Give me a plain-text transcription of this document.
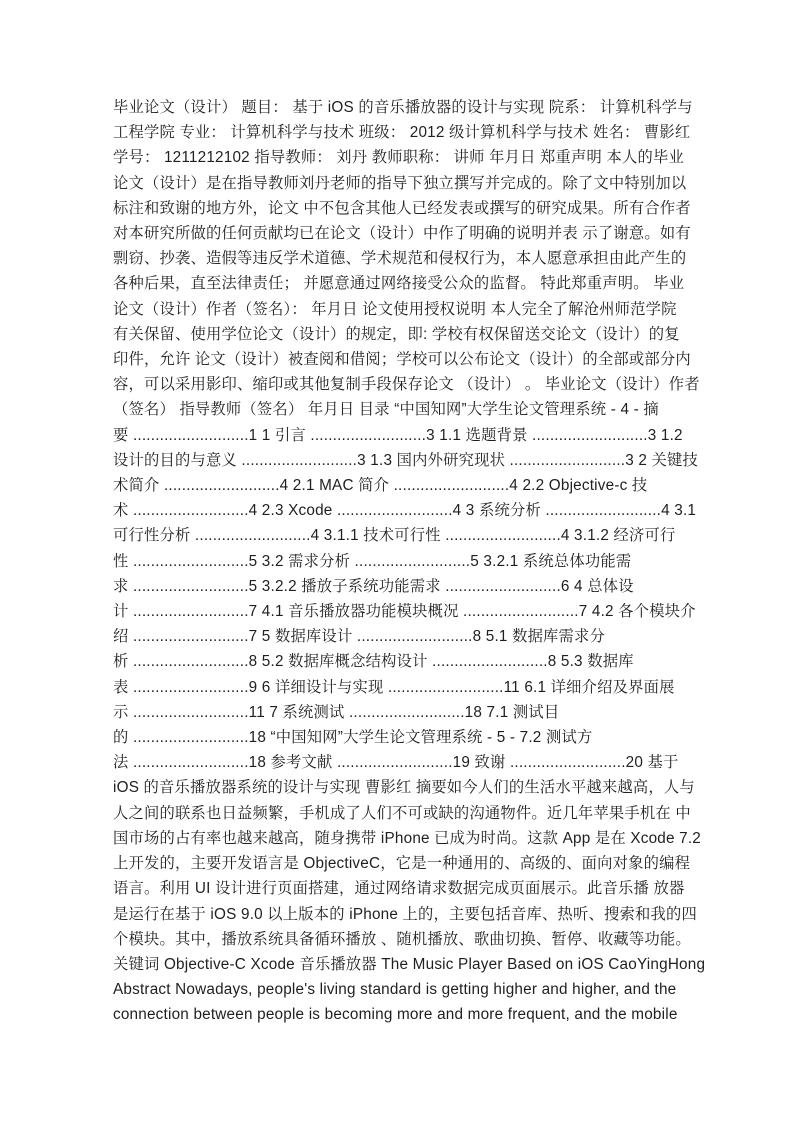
毕业论文（设计） 题目： 基于 iOS 的音乐播放器的设计与实现 院系： 计算机科学与
工程学院 专业： 计算机科学与技术 班级： 2012 级计算机科学与技术 姓名： 曹影红
学号： 1211212102 指导教师： 刘丹 教师职称： 讲师 年月日 郑重声明 本人的毕业
论文（设计）是在指导教师刘丹老师的指导下独立撰写并完成的。除了文中特别加以
标注和致谢的地方外，论文 中不包含其他人已经发表或撰写的研究成果。所有合作者
对本研究所做的任何贡献均已在论文（设计）中作了明确的说明并表 示了谢意。如有
剽窃、抄袭、造假等违反学术道德、学术规范和侵权行为，本人愿意承担由此产生的
各种后果，直至法律责任； 并愿意通过网络接受公众的监督。 特此郑重声明。 毕业
论文（设计）作者（签名）： 年月日 论文使用授权说明 本人完全了解沧州师范学院
有关保留、使用学位论文（设计）的规定，即: 学校有权保留送交论文（设计）的复
印件，允许 论文（设计）被查阅和借阅；学校可以公布论文（设计）的全部或部分内
容，可以采用影印、缩印或其他复制手段保存论文 （设计） 。 毕业论文（设计）作者
（签名） 指导教师（签名） 年月日 目录 “中国知网”大学生论文管理系统 - 4 - 摘
要 ..........................1 1 引言 ..........................3 1.1 选题背景 ..........................3 1.2
设计的目的与意义 ..........................3 1.3 国内外研究现状 ..........................3 2 关键技
术简介 ..........................4 2.1 MAC 简介 ..........................4 2.2 Objective-c 技
术 ..........................4 2.3 Xcode ..........................4 3 系统分析 ..........................4 3.1
可行性分析 ..........................4 3.1.1 技术可行性 ..........................4 3.1.2 经济可行
性 ..........................5 3.2 需求分析 ..........................5 3.2.1 系统总体功能需
求 ..........................5 3.2.2 播放子系统功能需求 ..........................6 4 总体设
计 ..........................7 4.1 音乐播放器功能模块概况 ..........................7 4.2 各个模块介
绍 ..........................7 5 数据库设计 ..........................8 5.1 数据库需求分
析 ..........................8 5.2 数据库概念结构设计 ..........................8 5.3 数据库
表 ..........................9 6 详细设计与实现 ..........................11 6.1 详细介绍及界面展
示 ..........................11 7 系统测试 ..........................18 7.1 测试目
的 ..........................18 “中国知网”大学生论文管理系统 - 5 - 7.2 测试方
法 ..........................18 参考文献 ..........................19 致谢 ..........................20 基于
iOS 的音乐播放器系统的设计与实现 曹影红 摘要如今人们的生活水平越来越高，人与
人之间的联系也日益频繁，手机成了人们不可或缺的沟通物件。近几年苹果手机在 中
国市场的占有率也越来越高，随身携带 iPhone 已成为时尚。这款 App 是在 Xcode 7.2
上开发的，主要开发语言是 ObjectiveC，它是一种通用的、高级的、面向对象的编程
语言。利用 UI 设计进行页面搭建，通过网络请求数据完成页面展示。此音乐播 放器
是运行在基于 iOS 9.0 以上版本的 iPhone 上的，主要包括音库、热听、搜索和我的四
个模块。其中，播放系统具备循环播放 、随机播放、歌曲切换、暂停、收藏等功能。
关键词 Objective-C Xcode 音乐播放器 The Music Player Based on iOS CaoYingHong
Abstract Nowadays, people's living standard is getting higher and higher, and the
connection between people is becoming more and more frequent, and the mobile
